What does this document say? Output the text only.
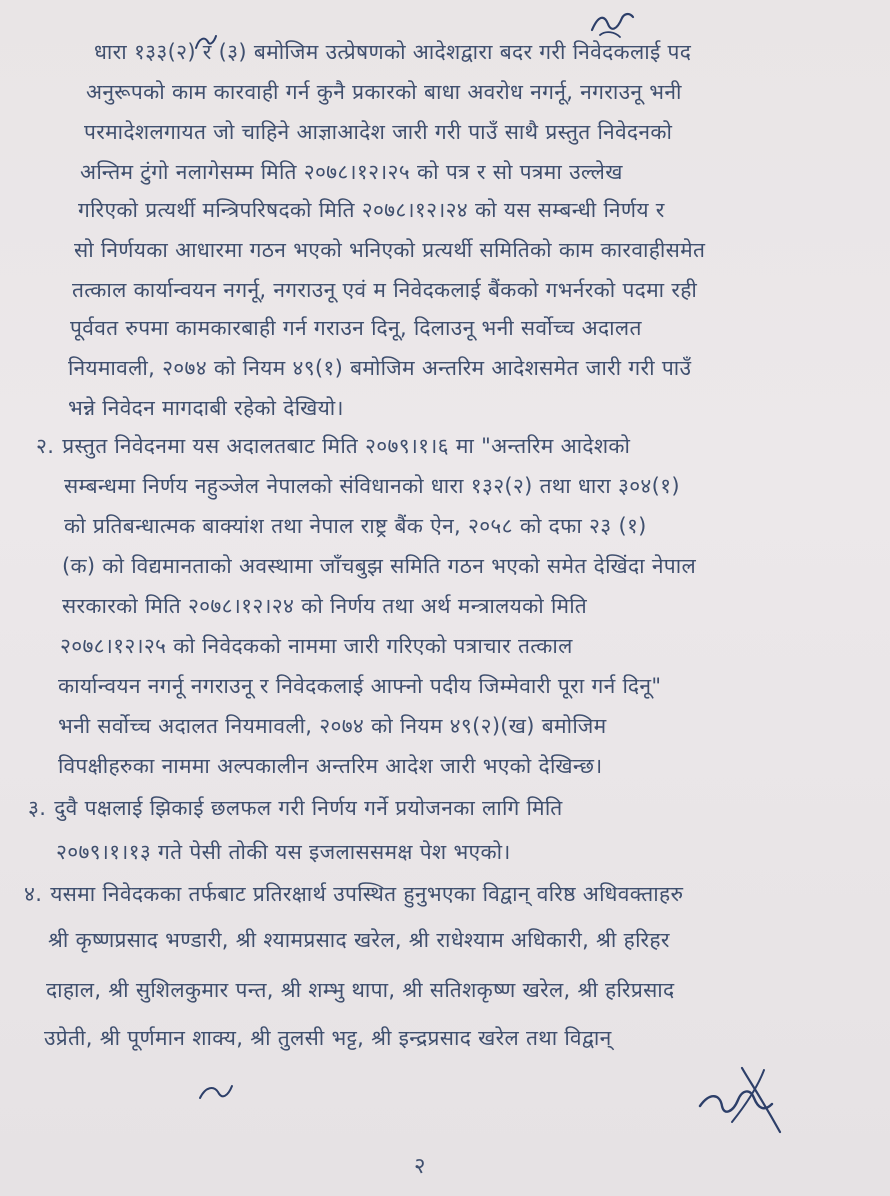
धारा १३३(२) र (३) बमोजिम उत्प्रेषणको आदेशद्वारा बदर गरी निवेदकलाई पद
अनुरूपको काम कारवाही गर्न कुनै प्रकारको बाधा अवरोध नगर्नू, नगराउनू भनी
परमादेशलगायत जो चाहिने आज्ञाआदेश जारी गरी पाउँ साथै प्रस्तुत निवेदनको
अन्तिम टुंगो नलागेसम्म मिति २०७८।१२।२५ को पत्र र सो पत्रमा उल्लेख
गरिएको प्रत्यर्थी मन्त्रिपरिषदको मिति २०७८।१२।२४ को यस सम्बन्धी निर्णय र
सो निर्णयका आधारमा गठन भएको भनिएको प्रत्यर्थी समितिको काम कारवाहीसमेत
तत्काल कार्यान्वयन नगर्नू, नगराउनू एवं म निवेदकलाई बैंकको गभर्नरको पदमा रही
पूर्ववत रुपमा कामकारबाही गर्न गराउन दिनू, दिलाउनू भनी सर्वोच्च अदालत
नियमावली, २०७४ को नियम ४९(१) बमोजिम अन्तरिम आदेशसमेत जारी गरी पाउँ
भन्ने निवेदन मागदाबी रहेको देखियो।
२. प्रस्तुत निवेदनमा यस अदालतबाट मिति २०७९।१।६ मा "अन्तरिम आदेशको
सम्बन्धमा निर्णय नहुञ्जेल नेपालको संविधानको धारा १३२(२) तथा धारा ३०४(१)
को प्रतिबन्धात्मक बाक्यांश तथा नेपाल राष्ट्र बैंक ऐन, २०५८ को दफा २३ (१)
(क) को विद्यमानताको अवस्थामा जाँचबुझ समिति गठन भएको समेत देखिंदा नेपाल
सरकारको मिति २०७८।१२।२४ को निर्णय तथा अर्थ मन्त्रालयको मिति
२०७८।१२।२५ को निवेदकको नाममा जारी गरिएको पत्राचार तत्काल
कार्यान्वयन नगर्नू नगराउनू र निवेदकलाई आफ्नो पदीय जिम्मेवारी पूरा गर्न दिनू"
भनी सर्वोच्च अदालत नियमावली, २०७४ को नियम ४९(२)(ख) बमोजिम
विपक्षीहरुका नाममा अल्पकालीन अन्तरिम आदेश जारी भएको देखिन्छ।
३. दुवै पक्षलाई झिकाई छलफल गरी निर्णय गर्ने प्रयोजनका लागि मिति
२०७९।१।१३ गते पेसी तोकी यस इजलाससमक्ष पेश भएको।
४. यसमा निवेदकका तर्फबाट प्रतिरक्षार्थ उपस्थित हुनुभएका विद्वान् वरिष्ठ अधिवक्ताहरु
श्री कृष्णप्रसाद भण्डारी, श्री श्यामप्रसाद खरेल, श्री राधेश्याम अधिकारी, श्री हरिहर
दाहाल, श्री सुशिलकुमार पन्त, श्री शम्भु थापा, श्री सतिशकृष्ण खरेल, श्री हरिप्रसाद
उप्रेती, श्री पूर्णमान शाक्य, श्री तुलसी भट्ट, श्री इन्द्रप्रसाद खरेल तथा विद्वान्
२
